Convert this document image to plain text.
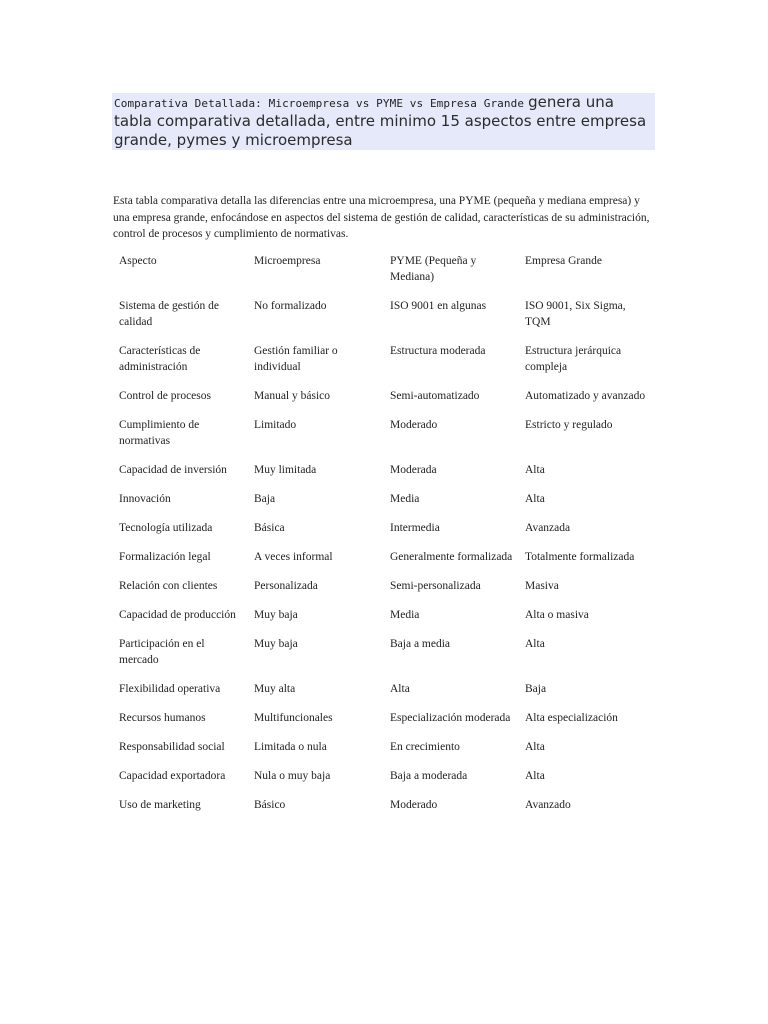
Comparativa Detallada: Microempresa vs PYME vs Empresa Grande genera una tabla comparativa detallada, entre minimo 15 aspectos entre empresa grande, pymes y microempresa

Esta tabla comparativa detalla las diferencias entre una microempresa, una PYME (pequeña y mediana empresa) y una empresa grande, enfocándose en aspectos del sistema de gestión de calidad, características de su administración, control de procesos y cumplimiento de normativas.

Aspecto	Microempresa	PYME (Pequeña y Mediana)	Empresa Grande
Sistema de gestión de calidad	No formalizado	ISO 9001 en algunas	ISO 9001, Six Sigma, TQM
Características de administración	Gestión familiar o individual	Estructura moderada	Estructura jerárquica compleja
Control de procesos	Manual y básico	Semi-automatizado	Automatizado y avanzado
Cumplimiento de normativas	Limitado	Moderado	Estricto y regulado
Capacidad de inversión	Muy limitada	Moderada	Alta
Innovación	Baja	Media	Alta
Tecnología utilizada	Básica	Intermedia	Avanzada
Formalización legal	A veces informal	Generalmente formalizada	Totalmente formalizada
Relación con clientes	Personalizada	Semi-personalizada	Masiva
Capacidad de producción	Muy baja	Media	Alta o masiva
Participación en el mercado	Muy baja	Baja a media	Alta
Flexibilidad operativa	Muy alta	Alta	Baja
Recursos humanos	Multifuncionales	Especialización moderada	Alta especialización
Responsabilidad social	Limitada o nula	En crecimiento	Alta
Capacidad exportadora	Nula o muy baja	Baja a moderada	Alta
Uso de marketing	Básico	Moderado	Avanzado
